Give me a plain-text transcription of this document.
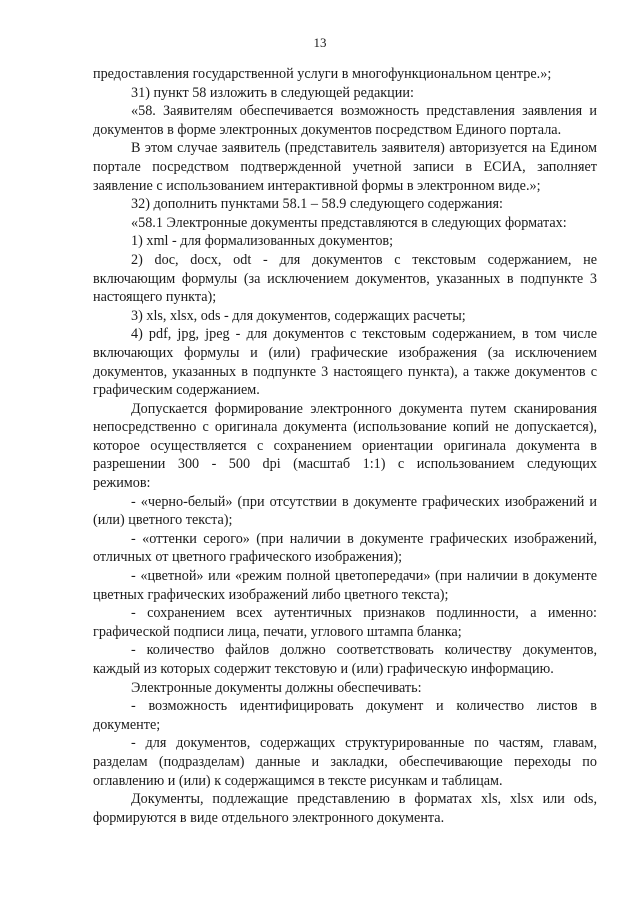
13

предоставления государственной услуги в многофункциональном центре.»;

31) пункт 58 изложить в следующей редакции:

«58. Заявителям обеспечивается возможность представления заявления и документов в форме электронных документов посредством Единого портала.

В этом случае заявитель (представитель заявителя) авторизуется на Едином портале посредством подтвержденной учетной записи в ЕСИА, заполняет заявление с использованием интерактивной формы в электронном виде.»;

32) дополнить пунктами 58.1 – 58.9 следующего содержания:

«58.1 Электронные документы представляются в следующих форматах:

1) xml - для формализованных документов;

2) doc, docx, odt - для документов с текстовым содержанием, не включающим формулы (за исключением документов, указанных в подпункте 3 настоящего пункта);

3) xls, xlsx, ods - для документов, содержащих расчеты;

4) pdf, jpg, jpeg - для документов с текстовым содержанием, в том числе включающих формулы и (или) графические изображения (за исключением документов, указанных в подпункте 3 настоящего пункта), а также документов с графическим содержанием.

Допускается формирование электронного документа путем сканирования непосредственно с оригинала документа (использование копий не допускается), которое осуществляется с сохранением ориентации оригинала документа в разрешении 300 - 500 dpi (масштаб 1:1) с использованием следующих режимов:

- «черно-белый» (при отсутствии в документе графических изображений и (или) цветного текста);

- «оттенки серого» (при наличии в документе графических изображений, отличных от цветного графического изображения);

- «цветной» или «режим полной цветопередачи» (при наличии в документе цветных графических изображений либо цветного текста);

- сохранением всех аутентичных признаков подлинности, а именно: графической подписи лица, печати, углового штампа бланка;

- количество файлов должно соответствовать количеству документов, каждый из которых содержит текстовую и (или) графическую информацию.

Электронные документы должны обеспечивать:

- возможность идентифицировать документ и количество листов в документе;

- для документов, содержащих структурированные по частям, главам, разделам (подразделам) данные и закладки, обеспечивающие переходы по оглавлению и (или) к содержащимся в тексте рисункам и таблицам.

Документы, подлежащие представлению в форматах xls, xlsx или ods, формируются в виде отдельного электронного документа.
